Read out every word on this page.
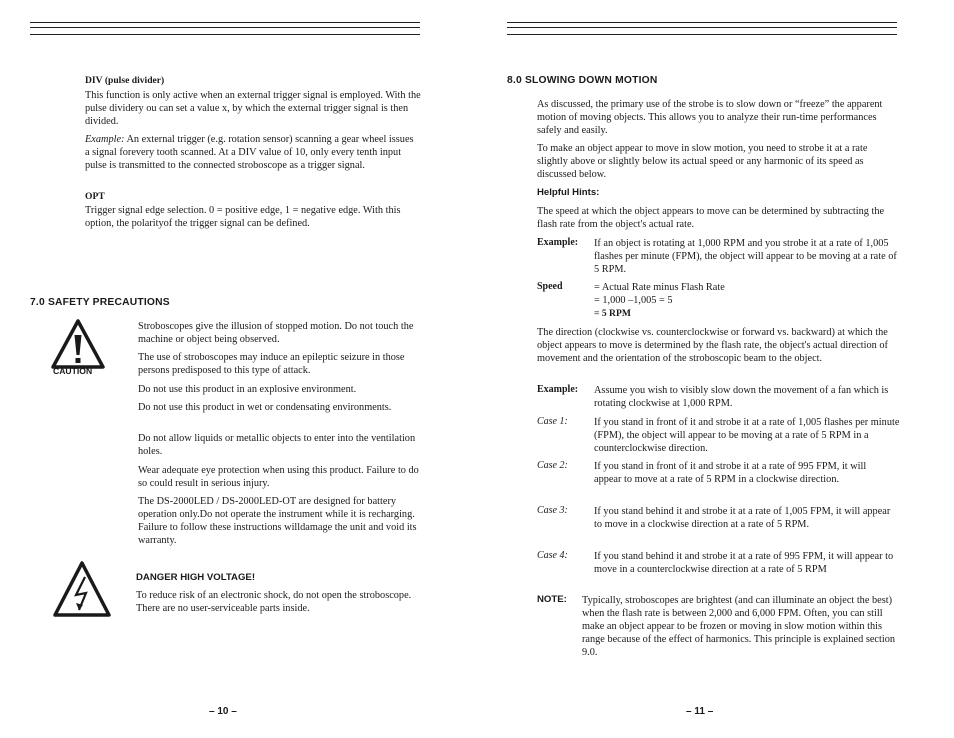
DIV (pulse divider)

This function is only active when an external trigger signal is employed. With the pulse dividery ou can set a value x, by which the external trigger signal is then divided.

Example: An external trigger (e.g. rotation sensor) scanning a gear wheel issues a signal forevery tooth scanned. At a DIV value of 10, only every tenth input pulse is transmitted to the connected stroboscope as a trigger signal.

OPT

Trigger signal edge selection. 0 = positive edge, 1 = negative edge. With this option, the polarityof the trigger signal can be defined.

7.0 SAFETY PRECAUTIONS
CAUTION

Stroboscopes give the illusion of stopped motion. Do not touch the machine or object being observed.

The use of stroboscopes may induce an epileptic seizure in those persons predisposed to this type of attack.

Do not use this product in an explosive environment.

Do not use this product in wet or condensating environments.

Do not allow liquids or metallic objects to enter into the ventilation holes.

Wear adequate eye protection when using this product. Failure to do so could result in serious injury.

The DS-2000LED / DS-2000LED-OT are designed for battery operation only.Do not operate the instrument while it is recharging. Failure to follow these instructions willdamage the unit and void its warranty.

DANGER HIGH VOLTAGE!

To reduce risk of an electronic shock, do not open the stroboscope. There are no user-serviceable parts inside.

– 10 –
8.0 SLOWING DOWN MOTION

As discussed, the primary use of the strobe is to slow down or “freeze” the apparent motion of moving objects. This allows you to analyze their run-time performances safely and easily.

To make an object appear to move in slow motion, you need to strobe it at a rate slightly above or slightly below its actual speed or any harmonic of its speed as discussed below.

Helpful Hints:

The speed at which the object appears to move can be determined by subtracting the flash rate from the object's actual rate.

Example: If an object is rotating at 1,000 RPM and you strobe it at a rate of 1,005 flashes per minute (FPM), the object will appear to be moving at a rate of 5 RPM.

Speed	= Actual Rate minus Flash Rate

= 1,000 –1,005 = 5

= 5 RPM

The direction (clockwise vs. counterclockwise or forward vs. backward) at which the object appears to move is determined by the flash rate, the object's actual direction of movement and the orientation of the stroboscopic beam to the object.

Example: Assume you wish to visibly slow down the movement of a fan which is rotating clockwise at 1,000 RPM.

Case 1:	If you stand in front of it and strobe it at a rate of 1,005 flashes per minute (FPM), the object will appear to be moving at a rate of 5 RPM in a counterclockwise direction.

Case 2:	If you stand in front of it and strobe it at a rate of 995 FPM, it will appear to move at a rate of 5 RPM in a clockwise direction.

Case 3:	If you stand behind it and strobe it at a rate of 1,005 FPM, it will appear to move in a clockwise direction at a rate of 5 RPM.

Case 4:	If you stand behind it and strobe it at a rate of 995 FPM, it will appear to move in a counterclockwise direction at a rate of 5 RPM

NOTE: Typically, stroboscopes are brightest (and can illuminate an object the best) when the flash rate is between 2,000 and 6,000 FPM. Often, you can still make an object appear to be frozen or moving in slow motion within this range because of the effect of harmonics. This principle is explained section 9.0.

– 11 –
